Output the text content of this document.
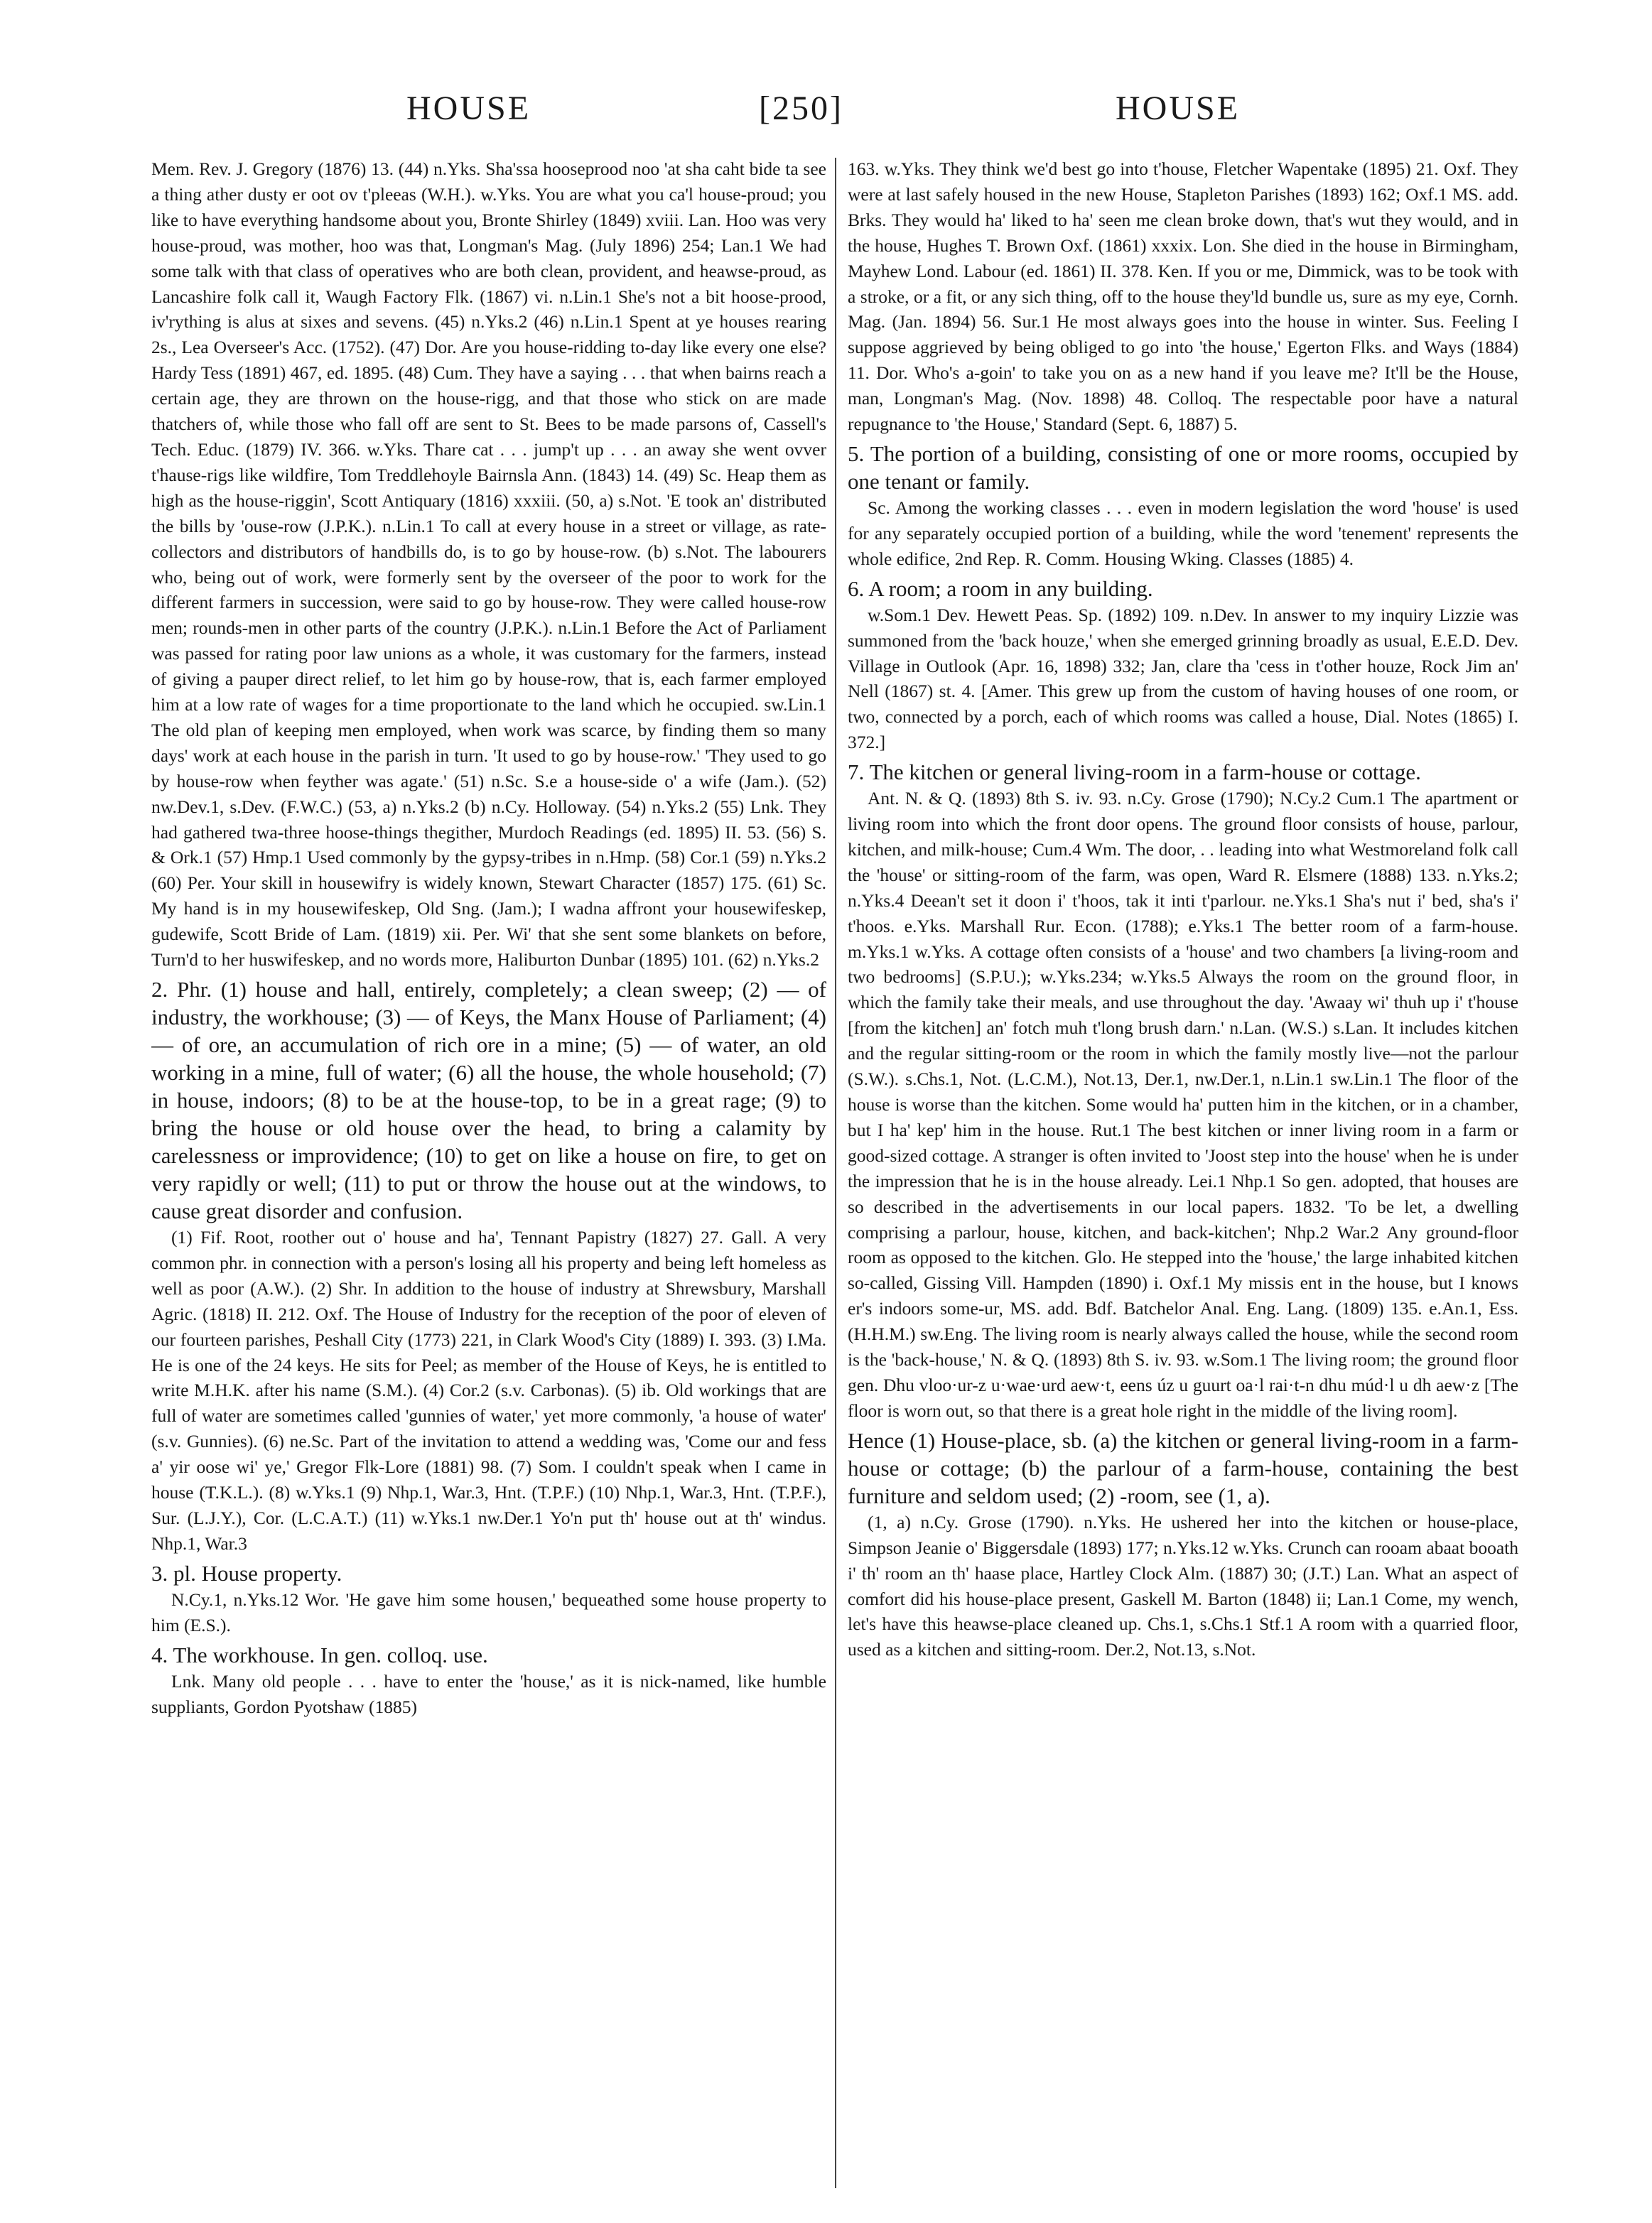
HOUSE	[250]	HOUSE

Mem. Rev. J. Gregory (1876) 13. (44) n.Yks. Sha'ssa hooseprood noo 'at sha caht bide ta see a thing ather dusty er oot ov t'pleeas (W.H.). w.Yks. You are what you ca'l house-proud; you like to have everything handsome about you, Bronte Shirley (1849) xviii. Lan. Hoo was very house-proud, was mother, hoo was that, Longman's Mag. (July 1896) 254; Lan.1 We had some talk with that class of operatives who are both clean, provident, and heawse-proud, as Lancashire folk call it, Waugh Factory Flk. (1867) vi. n.Lin.1 She's not a bit hoose-prood, iv'rything is alus at sixes and sevens. (45) n.Yks.2 (46) n.Lin.1 Spent at ye houses rearing 2s., Lea Overseer's Acc. (1752). (47) Dor. Are you house-ridding to-day like every one else? Hardy Tess (1891) 467, ed. 1895. (48) Cum. They have a saying . . . that when bairns reach a certain age, they are thrown on the house-rigg, and that those who stick on are made thatchers of, while those who fall off are sent to St. Bees to be made parsons of, Cassell's Tech. Educ. (1879) IV. 366. w.Yks. Thare cat . . . jump't up . . . an away she went ovver t'hause-rigs like wildfire, Tom Treddlehoyle Bairnsla Ann. (1843) 14. (49) Sc. Heap them as high as the house-riggin', Scott Antiquary (1816) xxxiii. (50, a) s.Not. 'E took an' distributed the bills by 'ouse-row (J.P.K.). n.Lin.1 To call at every house in a street or village, as rate-collectors and distributors of handbills do, is to go by house-row. (b) s.Not. The labourers who, being out of work, were formerly sent by the overseer of the poor to work for the different farmers in succession, were said to go by house-row. They were called house-row men; rounds-men in other parts of the country (J.P.K.). n.Lin.1 Before the Act of Parliament was passed for rating poor law unions as a whole, it was customary for the farmers, instead of giving a pauper direct relief, to let him go by house-row, that is, each farmer employed him at a low rate of wages for a time proportionate to the land which he occupied. sw.Lin.1 The old plan of keeping men employed, when work was scarce, by finding them so many days' work at each house in the parish in turn. 'It used to go by house-row.' 'They used to go by house-row when feyther was agate.' (51) n.Sc. S.e a house-side o' a wife (Jam.). (52) nw.Dev.1, s.Dev. (F.W.C.) (53, a) n.Yks.2 (b) n.Cy. Holloway. (54) n.Yks.2 (55) Lnk. They had gathered twa-three hoose-things thegither, Murdoch Readings (ed. 1895) II. 53. (56) S. & Ork.1 (57) Hmp.1 Used commonly by the gypsy-tribes in n.Hmp. (58) Cor.1 (59) n.Yks.2 (60) Per. Your skill in housewifry is widely known, Stewart Character (1857) 175. (61) Sc. My hand is in my housewifeskep, Old Sng. (Jam.); I wadna affront your housewifeskep, gudewife, Scott Bride of Lam. (1819) xii. Per. Wi' that she sent some blankets on before, Turn'd to her huswifeskep, and no words more, Haliburton Dunbar (1895) 101. (62) n.Yks.2

2. Phr. (1) house and hall, entirely, completely; a clean sweep; (2) — of industry, the workhouse; (3) — of Keys, the Manx House of Parliament; (4) — of ore, an accumulation of rich ore in a mine; (5) — of water, an old working in a mine, full of water; (6) all the house, the whole household; (7) in house, indoors; (8) to be at the house-top, to be in a great rage; (9) to bring the house or old house over the head, to bring a calamity by carelessness or improvidence; (10) to get on like a house on fire, to get on very rapidly or well; (11) to put or throw the house out at the windows, to cause great disorder and confusion.

(1) Fif. Root, roother out o' house and ha', Tennant Papistry (1827) 27. Gall. A very common phr. in connection with a person's losing all his property and being left homeless as well as poor (A.W.). (2) Shr. In addition to the house of industry at Shrewsbury, Marshall Agric. (1818) II. 212. Oxf. The House of Industry for the reception of the poor of eleven of our fourteen parishes, Peshall City (1773) 221, in Clark Wood's City (1889) I. 393. (3) I.Ma. He is one of the 24 keys. He sits for Peel; as member of the House of Keys, he is entitled to write M.H.K. after his name (S.M.). (4) Cor.2 (s.v. Carbonas). (5) ib. Old workings that are full of water are sometimes called 'gunnies of water,' yet more commonly, 'a house of water' (s.v. Gunnies). (6) ne.Sc. Part of the invitation to attend a wedding was, 'Come our and fess a' yir oose wi' ye,' Gregor Flk-Lore (1881) 98. (7) Som. I couldn't speak when I came in house (T.K.L.). (8) w.Yks.1 (9) Nhp.1, War.3, Hnt. (T.P.F.) (10) Nhp.1, War.3, Hnt. (T.P.F.), Sur. (L.J.Y.), Cor. (L.C.A.T.) (11) w.Yks.1 nw.Der.1 Yo'n put th' house out at th' windus. Nhp.1, War.3

3. pl. House property.

N.Cy.1, n.Yks.12 Wor. 'He gave him some housen,' bequeathed some house property to him (E.S.).

4. The workhouse. In gen. colloq. use.

Lnk. Many old people . . . have to enter the 'house,' as it is nick-named, like humble suppliants, Gordon Pyotshaw (1885)

163. w.Yks. They think we'd best go into t'house, Fletcher Wapentake (1895) 21. Oxf. They were at last safely housed in the new House, Stapleton Parishes (1893) 162; Oxf.1 MS. add. Brks. They would ha' liked to ha' seen me clean broke down, that's wut they would, and in the house, Hughes T. Brown Oxf. (1861) xxxix. Lon. She died in the house in Birmingham, Mayhew Lond. Labour (ed. 1861) II. 378. Ken. If you or me, Dimmick, was to be took with a stroke, or a fit, or any sich thing, off to the house they'ld bundle us, sure as my eye, Cornh. Mag. (Jan. 1894) 56. Sur.1 He most always goes into the house in winter. Sus. Feeling I suppose aggrieved by being obliged to go into 'the house,' Egerton Flks. and Ways (1884) 11. Dor. Who's a-goin' to take you on as a new hand if you leave me? It'll be the House, man, Longman's Mag. (Nov. 1898) 48. Colloq. The respectable poor have a natural repugnance to 'the House,' Standard (Sept. 6, 1887) 5.

5. The portion of a building, consisting of one or more rooms, occupied by one tenant or family.

Sc. Among the working classes . . . even in modern legislation the word 'house' is used for any separately occupied portion of a building, while the word 'tenement' represents the whole edifice, 2nd Rep. R. Comm. Housing Wking. Classes (1885) 4.

6. A room; a room in any building.

w.Som.1 Dev. Hewett Peas. Sp. (1892) 109. n.Dev. In answer to my inquiry Lizzie was summoned from the 'back houze,' when she emerged grinning broadly as usual, E.E.D. Dev. Village in Outlook (Apr. 16, 1898) 332; Jan, clare tha 'cess in t'other houze, Rock Jim an' Nell (1867) st. 4. [Amer. This grew up from the custom of having houses of one room, or two, connected by a porch, each of which rooms was called a house, Dial. Notes (1865) I. 372.]

7. The kitchen or general living-room in a farm-house or cottage.

Ant. N. & Q. (1893) 8th S. iv. 93. n.Cy. Grose (1790); N.Cy.2 Cum.1 The apartment or living room into which the front door opens. The ground floor consists of house, parlour, kitchen, and milk-house; Cum.4 Wm. The door, . . leading into what Westmoreland folk call the 'house' or sitting-room of the farm, was open, Ward R. Elsmere (1888) 133. n.Yks.2; n.Yks.4 Deean't set it doon i' t'hoos, tak it inti t'parlour. ne.Yks.1 Sha's nut i' bed, sha's i' t'hoos. e.Yks. Marshall Rur. Econ. (1788); e.Yks.1 The better room of a farm-house. m.Yks.1 w.Yks. A cottage often consists of a 'house' and two chambers [a living-room and two bedrooms] (S.P.U.); w.Yks.234; w.Yks.5 Always the room on the ground floor, in which the family take their meals, and use throughout the day. 'Awaay wi' thuh up i' t'house [from the kitchen] an' fotch muh t'long brush darn.' n.Lan. (W.S.) s.Lan. It includes kitchen and the regular sitting-room or the room in which the family mostly live—not the parlour (S.W.). s.Chs.1, Not. (L.C.M.), Not.13, Der.1, nw.Der.1, n.Lin.1 sw.Lin.1 The floor of the house is worse than the kitchen. Some would ha' putten him in the kitchen, or in a chamber, but I ha' kep' him in the house. Rut.1 The best kitchen or inner living room in a farm or good-sized cottage. A stranger is often invited to 'Joost step into the house' when he is under the impression that he is in the house already. Lei.1 Nhp.1 So gen. adopted, that houses are so described in the advertisements in our local papers. 1832. 'To be let, a dwelling comprising a parlour, house, kitchen, and back-kitchen'; Nhp.2 War.2 Any ground-floor room as opposed to the kitchen. Glo. He stepped into the 'house,' the large inhabited kitchen so-called, Gissing Vill. Hampden (1890) i. Oxf.1 My missis ent in the house, but I knows er's indoors some-ur, MS. add. Bdf. Batchelor Anal. Eng. Lang. (1809) 135. e.An.1, Ess. (H.H.M.) sw.Eng. The living room is nearly always called the house, while the second room is the 'back-house,' N. & Q. (1893) 8th S. iv. 93. w.Som.1 The living room; the ground floor gen. Dhu vloo·ur-z u·wae·urd aew·t, eens úz u guurt oa·l rai·t-n dhu múd·l u dh aew·z [The floor is worn out, so that there is a great hole right in the middle of the living room].

Hence (1) House-place, sb. (a) the kitchen or general living-room in a farm-house or cottage; (b) the parlour of a farm-house, containing the best furniture and seldom used; (2) -room, see (1, a).

(1, a) n.Cy. Grose (1790). n.Yks. He ushered her into the kitchen or house-place, Simpson Jeanie o' Biggersdale (1893) 177; n.Yks.12 w.Yks. Crunch can rooam abaat booath i' th' room an th' haase place, Hartley Clock Alm. (1887) 30; (J.T.) Lan. What an aspect of comfort did his house-place present, Gaskell M. Barton (1848) ii; Lan.1 Come, my wench, let's have this heawse-place cleaned up. Chs.1, s.Chs.1 Stf.1 A room with a quarried floor, used as a kitchen and sitting-room. Der.2, Not.13, s.Not.
